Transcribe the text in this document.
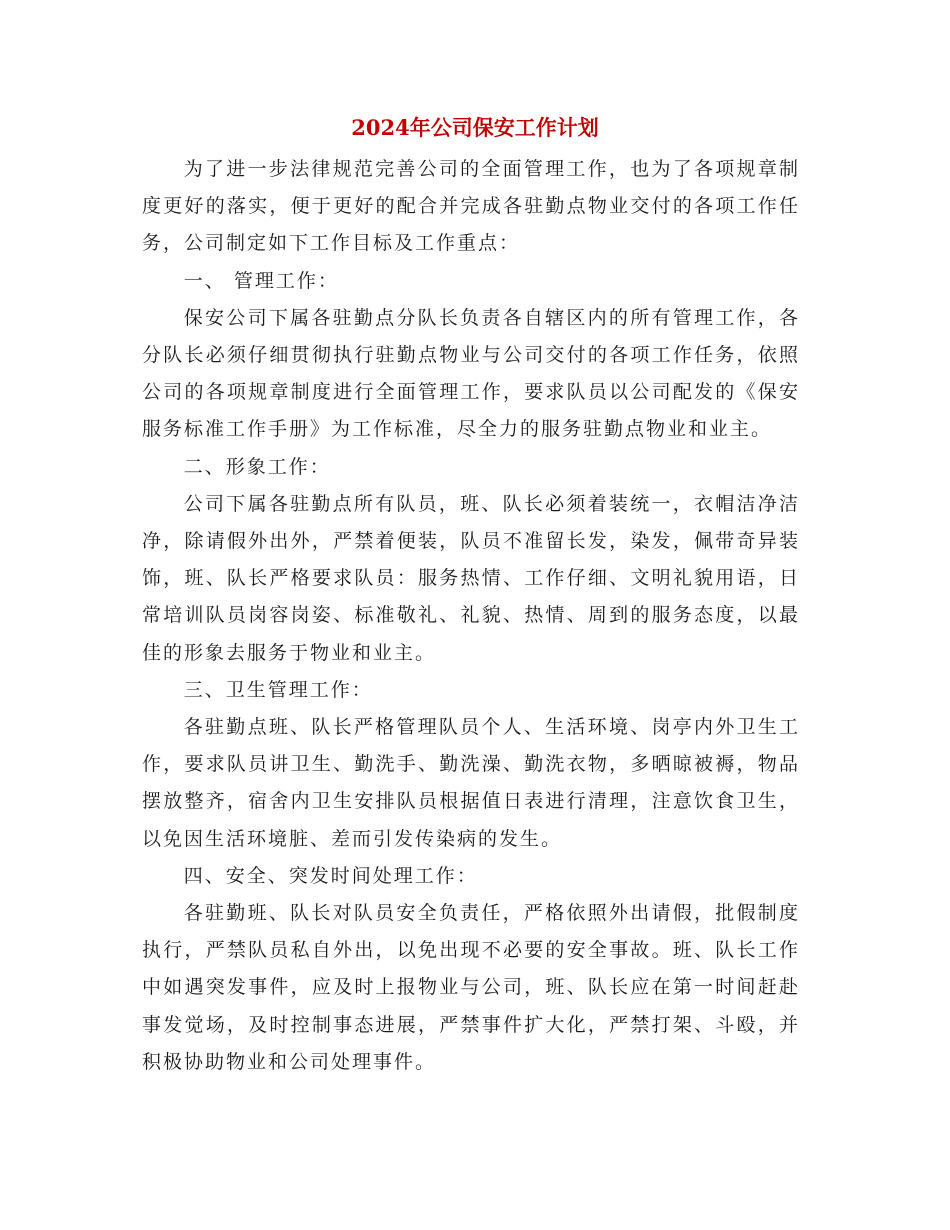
2024年公司保安工作计划

为了进一步法律规范完善公司的全面管理工作，也为了各项规章制度更好的落实，便于更好的配合并完成各驻勤点物业交付的各项工作任务，公司制定如下工作目标及工作重点：

一、 管理工作：

保安公司下属各驻勤点分队长负责各自辖区内的所有管理工作，各分队长必须仔细贯彻执行驻勤点物业与公司交付的各项工作任务，依照公司的各项规章制度进行全面管理工作，要求队员以公司配发的《保安服务标准工作手册》为工作标准，尽全力的服务驻勤点物业和业主。

二、形象工作：

公司下属各驻勤点所有队员，班、队长必须着装统一，衣帽洁净洁净，除请假外出外，严禁着便装，队员不准留长发，染发，佩带奇异装饰，班、队长严格要求队员：服务热情、工作仔细、文明礼貌用语，日常培训队员岗容岗姿、标准敬礼、礼貌、热情、周到的服务态度，以最佳的形象去服务于物业和业主。

三、卫生管理工作：

各驻勤点班、队长严格管理队员个人、生活环境、岗亭内外卫生工作，要求队员讲卫生、勤洗手、勤洗澡、勤洗衣物，多晒晾被褥，物品摆放整齐，宿舍内卫生安排队员根据值日表进行清理，注意饮食卫生，以免因生活环境脏、差而引发传染病的发生。

四、安全、突发时间处理工作：

各驻勤班、队长对队员安全负责任，严格依照外出请假，批假制度执行，严禁队员私自外出，以免出现不必要的安全事故。班、队长工作中如遇突发事件，应及时上报物业与公司，班、队长应在第一时间赶赴事发觉场，及时控制事态进展，严禁事件扩大化，严禁打架、斗殴，并积极协助物业和公司处理事件。
